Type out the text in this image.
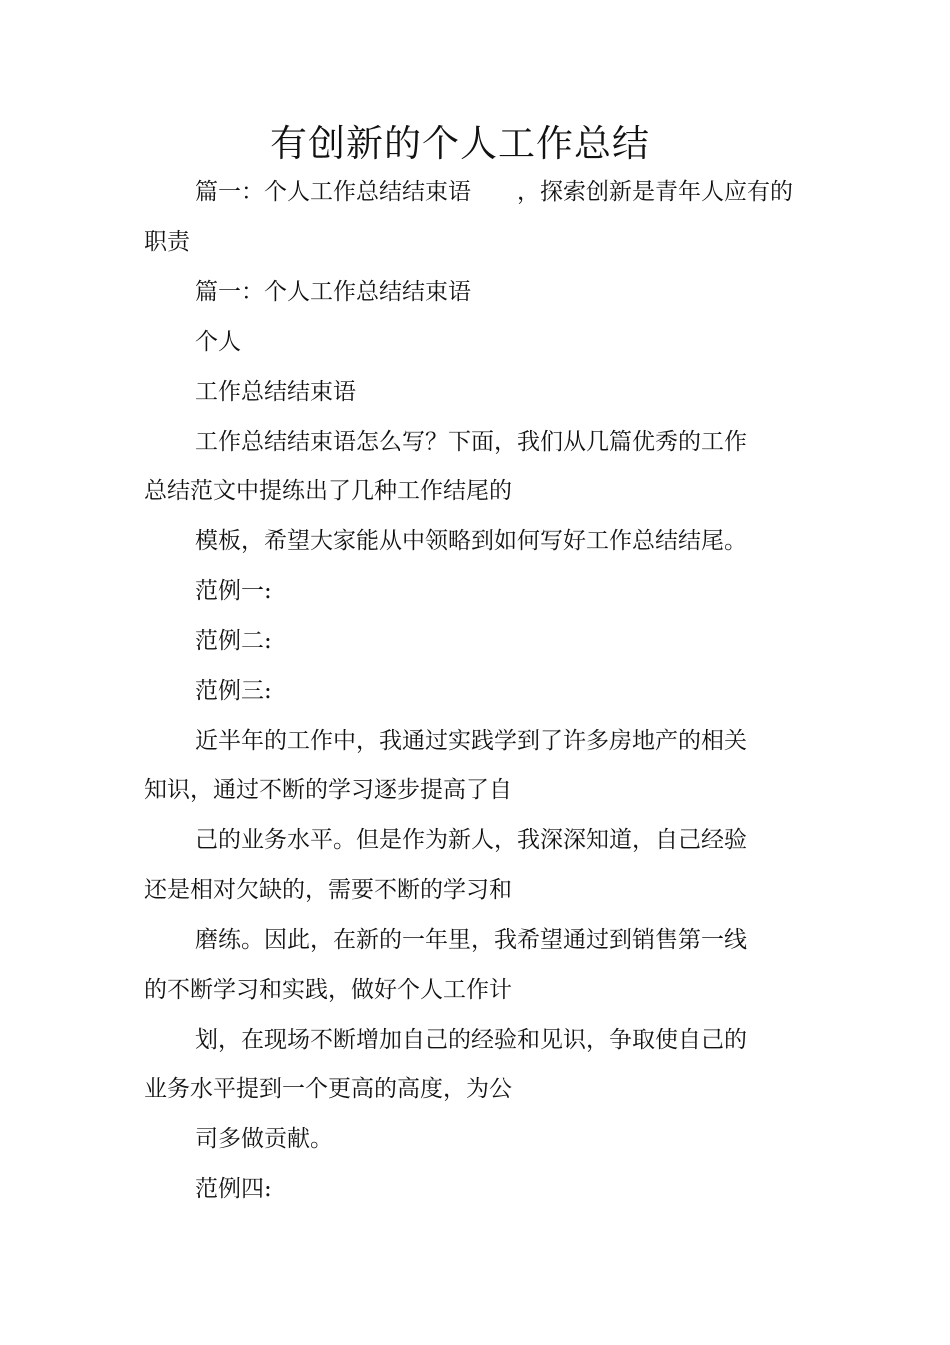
有创新的个人工作总结
篇一：个人工作总结结束语　　，探索创新是青年人应有的
职责
篇一：个人工作总结结束语
个人
工作总结结束语
工作总结结束语怎么写？下面，我们从几篇优秀的工作
总结范文中提练出了几种工作结尾的
模板，希望大家能从中领略到如何写好工作总结结尾。
范例一:
范例二:
范例三:
近半年的工作中，我通过实践学到了许多房地产的相关
知识，通过不断的学习逐步提高了自
己的业务水平。但是作为新人，我深深知道，自己经验
还是相对欠缺的，需要不断的学习和
磨练。因此，在新的一年里，我希望通过到销售第一线
的不断学习和实践，做好个人工作计
划，在现场不断增加自己的经验和见识，争取使自己的
业务水平提到一个更高的高度，为公
司多做贡献。
范例四:
